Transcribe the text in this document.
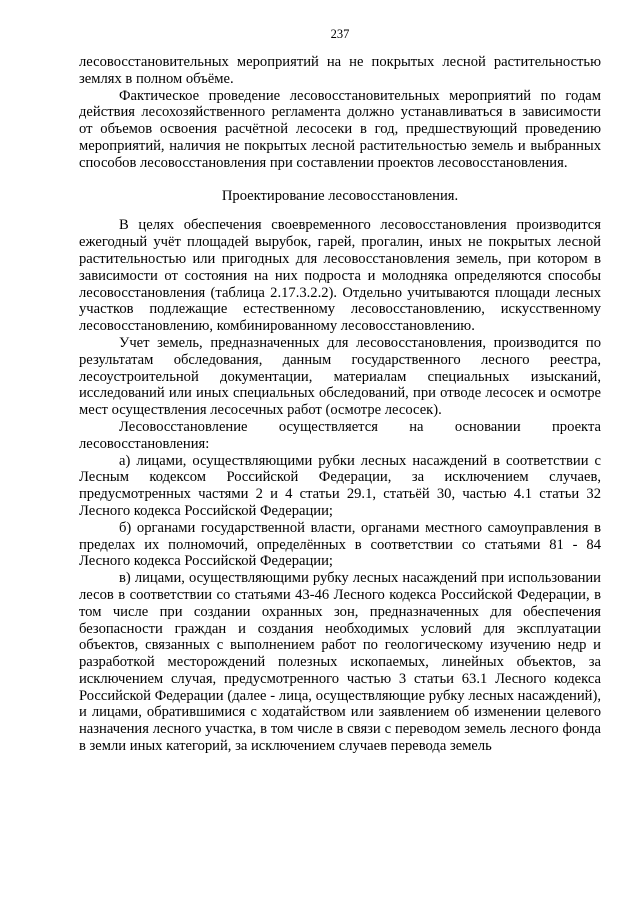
237

лесовосстановительных мероприятий на не покрытых лесной растительностью землях в полном объёме.

Фактическое проведение лесовосстановительных мероприятий по годам действия лесохозяйственного регламента должно устанавливаться в зависимости от объемов освоения расчётной лесосеки в год, предшествующий проведению мероприятий, наличия не покрытых лесной растительностью земель и выбранных способов лесовосстановления при составлении проектов лесовосстановления.

Проектирование лесовосстановления.

В целях обеспечения своевременного лесовосстановления производится ежегодный учёт площадей вырубок, гарей, прогалин, иных не покрытых лесной растительностью или пригодных для лесовосстановления земель, при котором в зависимости от состояния на них подроста и молодняка определяются способы лесовосстановления (таблица 2.17.3.2.2). Отдельно учитываются площади лесных участков подлежащие естественному лесовосстановлению, искусственному лесовосстановлению, комбинированному лесовосстановлению.

Учет земель, предназначенных для лесовосстановления, производится по результатам обследования, данным государственного лесного реестра, лесоустроительной документации, материалам специальных изысканий, исследований или иных специальных обследований, при отводе лесосек и осмотре мест осуществления лесосечных работ (осмотре лесосек).

Лесовосстановление осуществляется на основании проекта лесовосстановления:

а) лицами, осуществляющими рубки лесных насаждений в соответствии с Лесным кодексом Российской Федерации, за исключением случаев, предусмотренных частями 2 и 4 статьи 29.1, статьёй 30, частью 4.1 статьи 32 Лесного кодекса Российской Федерации;

б) органами государственной власти, органами местного самоуправления в пределах их полномочий, определённых в соответствии со статьями 81 - 84 Лесного кодекса Российской Федерации;

в) лицами, осуществляющими рубку лесных насаждений при использовании лесов в соответствии со статьями 43-46 Лесного кодекса Российской Федерации, в том числе при создании охранных зон, предназначенных для обеспечения безопасности граждан и создания необходимых условий для эксплуатации объектов, связанных с выполнением работ по геологическому изучению недр и разработкой месторождений полезных ископаемых, линейных объектов, за исключением случая, предусмотренного частью 3 статьи 63.1 Лесного кодекса Российской Федерации (далее - лица, осуществляющие рубку лесных насаждений), и лицами, обратившимися с ходатайством или заявлением об изменении целевого назначения лесного участка, в том числе в связи с переводом земель лесного фонда в земли иных категорий, за исключением случаев перевода земель
